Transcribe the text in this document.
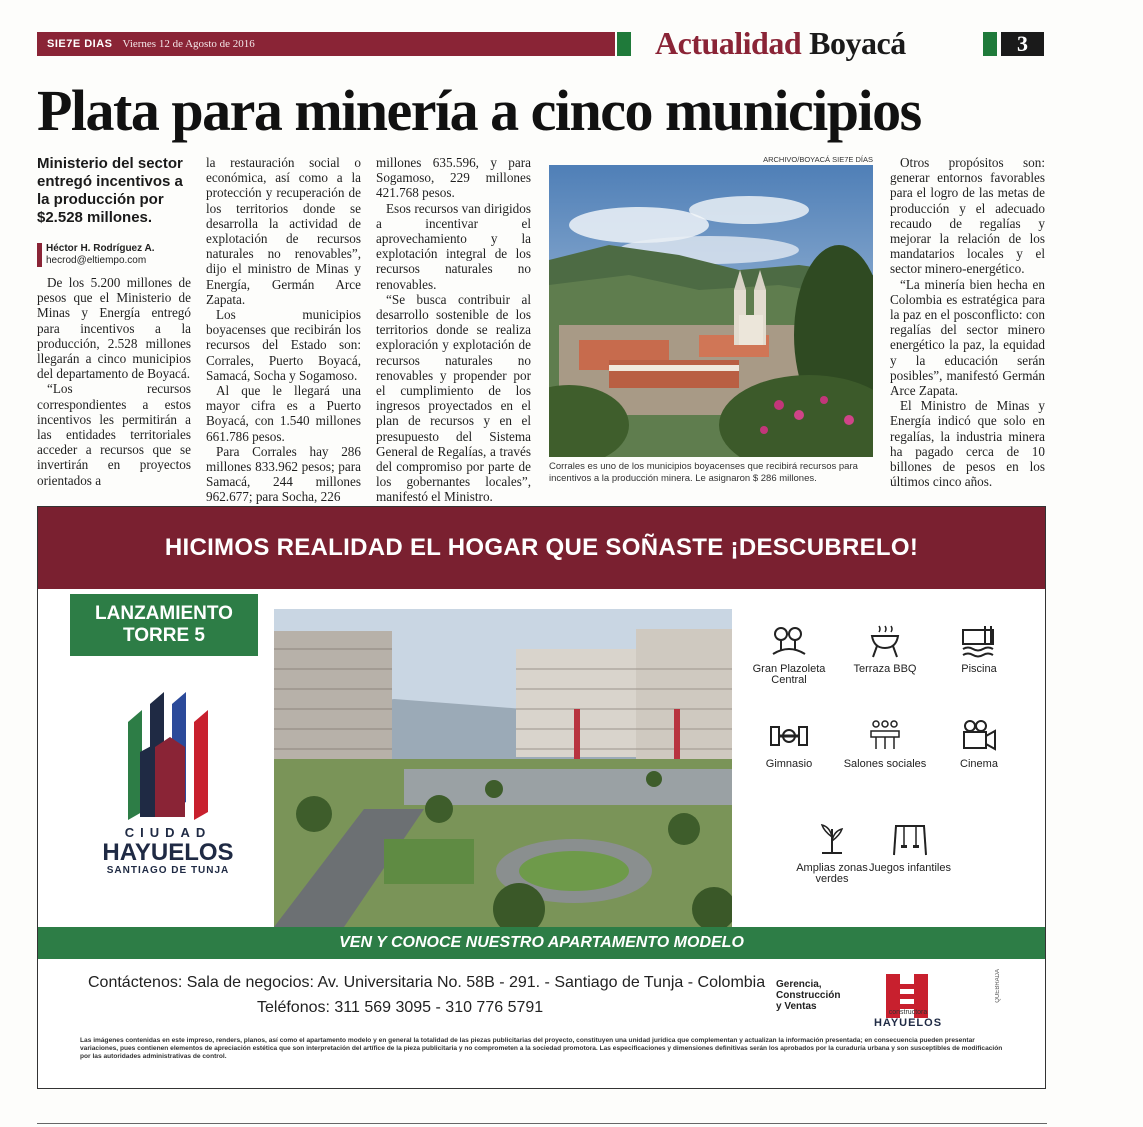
SIE7E DIAS Viernes 12 de Agosto de 2016	Actualidad Boyacá	3
Plata para minería a cinco municipios
Ministerio del sector entregó incentivos a la producción por $2.528 millones.
Héctor H. Rodríguez A.
hecrod@eltiempo.com

De los 5.200 millones de pesos que el Ministerio de Minas y Energía entregó para incentivos a la producción, 2.528 millones llegarán a cinco municipios del departamento de Boyacá.

“Los recursos correspondientes a estos incentivos les permitirán a las entidades territoriales acceder a recursos que se invertirán en proyectos orientados a

la restauración social o económica, así como a la protección y recuperación de los territorios donde se desarrolla la actividad de explotación de recursos naturales no renovables”, dijo el ministro de Minas y Energía, Germán Arce Zapata.

Los municipios boyacenses que recibirán los recursos del Estado son: Corrales, Puerto Boyacá, Samacá, Socha y Sogamoso.

Al que le llegará una mayor cifra es a Puerto Boyacá, con 1.540 millones 661.786 pesos.

Para Corrales hay 286 millones 833.962 pesos; para Samacá, 244 millones 962.677; para Socha, 226

millones 635.596, y para Sogamoso, 229 millones 421.768 pesos.

Esos recursos van dirigidos a incentivar el aprovechamiento y la explotación integral de los recursos naturales no renovables.

“Se busca contribuir al desarrollo sostenible de los territorios donde se realiza exploración y explotación de recursos naturales no renovables y propender por el cumplimiento de los ingresos proyectados en el plan de recursos y en el presupuesto del Sistema General de Regalías, a través del compromiso por parte de los gobernantes locales”, manifestó el Ministro.

ARCHIVO/BOYACÁ SIE7E DÍAS
Corrales es uno de los municipios boyacenses que recibirá recursos para incentivos a la producción minera. Le asignaron $ 286 millones.

Otros propósitos son: generar entornos favorables para el logro de las metas de producción y el adecuado recaudo de regalías y mejorar la relación de los mandatarios locales y el sector minero-energético.

“La minería bien hecha en Colombia es estratégica para la paz en el posconflicto: con regalías del sector minero energético la paz, la equidad y la educación serán posibles”, manifestó Germán Arce Zapata.

El Ministro de Minas y Energía indicó que solo en regalías, la industria minera ha pagado cerca de 10 billones de pesos en los últimos cinco años.

HICIMOS REALIDAD EL HOGAR QUE SOÑASTE ¡DESCUBRELO!
LANZAMIENTO
TORRE 5
CIUDAD
HAYUELOS
SANTIAGO DE TUNJA
Gran Plazoleta Central
Terraza BBQ	Piscina
Gimnasio	Salones sociales	Cinema
Amplias zonas verdes
Juegos infantiles
VEN Y CONOCE NUESTRO APARTAMENTO MODELO
Contáctenos: Sala de negocios: Av. Universitaria No. 58B - 291. - Santiago de Tunja - Colombia
Teléfonos: 311 569 3095 - 310 776 5791
Gerencia, Construcción y Ventas
constructora
HAYUELOS
QUEBRADA
Las imágenes contenidas en este impreso, renders, planos, así como el apartamento modelo y en general la totalidad de las piezas publicitarias del proyecto, constituyen una unidad jurídica que complementan y actualizan la información presentada; en consecuencia pueden presentar variaciones, pues contienen elementos de apreciación estética que son interpretación del artífice de la pieza publicitaria y no comprometen a la sociedad promotora. Las especificaciones y dimensiones definitivas serán los aprobados por la curaduría urbana y son susceptibles de modificación por las autoridades administrativas de control.
